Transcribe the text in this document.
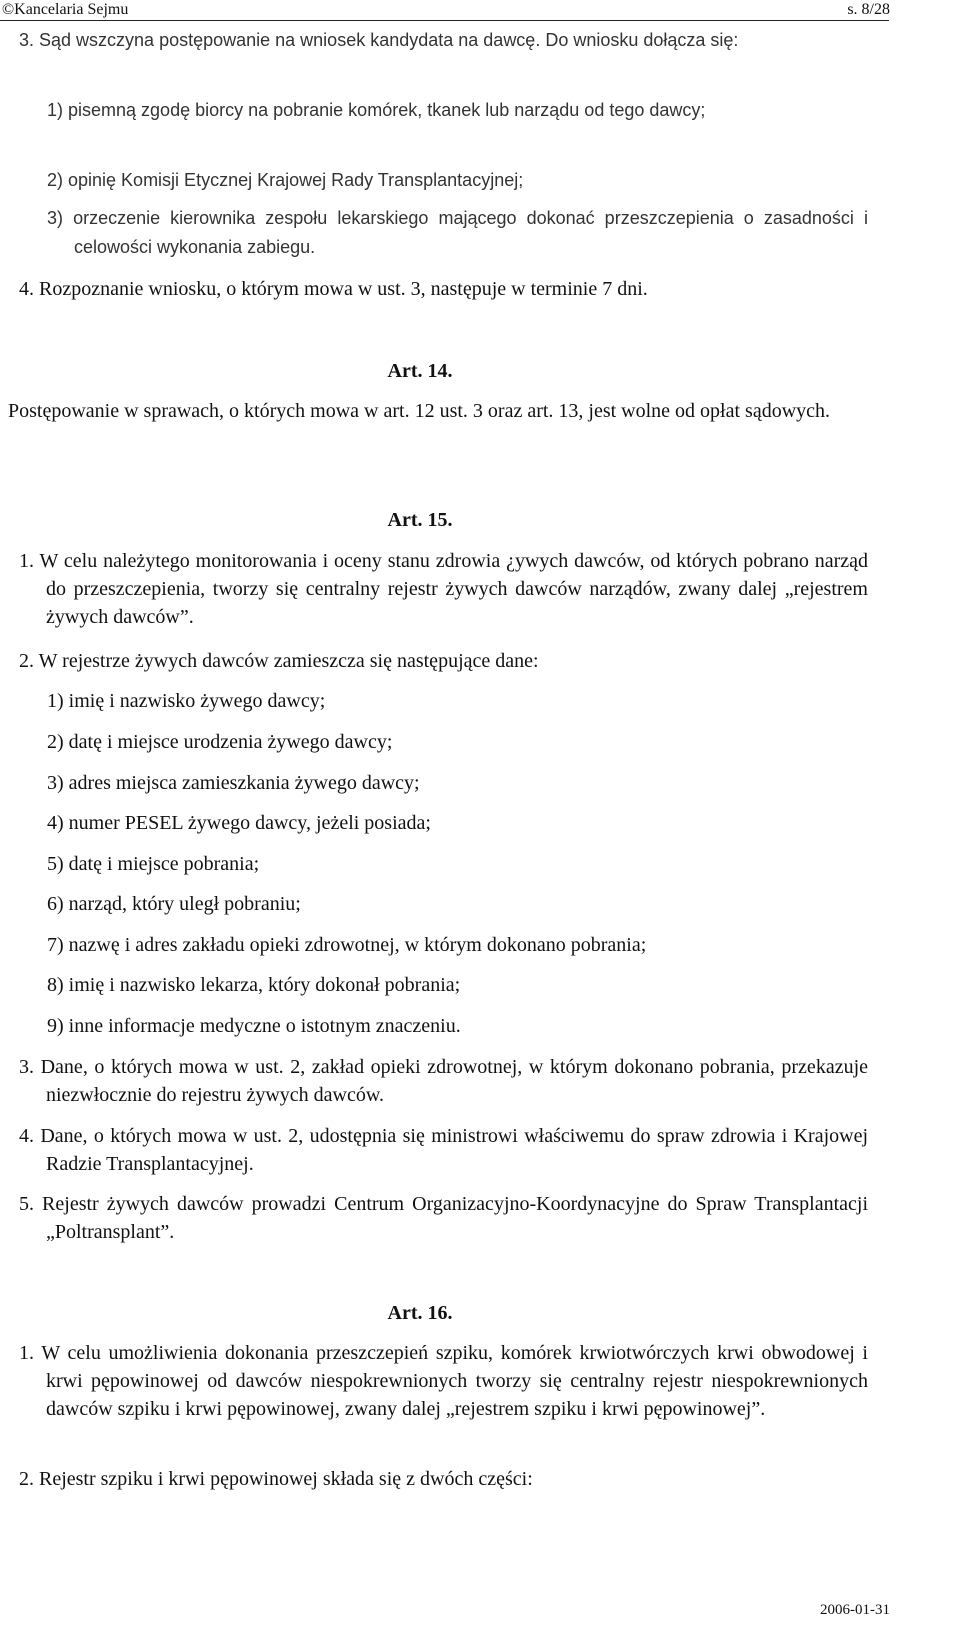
©Kancelaria Sejmu	s. 8/28

3. Sąd wszczyna postępowanie na wniosek kandydata na dawcę. Do wniosku dołącza się:

1) pisemną zgodę biorcy na pobranie komórek, tkanek lub narządu od tego dawcy;

2) opinię Komisji Etycznej Krajowej Rady Transplantacyjnej;

3) orzeczenie kierownika zespołu lekarskiego mającego dokonać przeszczepienia o zasadności i celowości wykonania zabiegu.

4. Rozpoznanie wniosku, o którym mowa w ust. 3, następuje w terminie 7 dni.

Art. 14.

Postępowanie w sprawach, o których mowa w art. 12 ust. 3 oraz art. 13, jest wolne od opłat sądowych.

Art. 15.

1. W celu należytego monitorowania i oceny stanu zdrowia ¿ywych dawców, od których pobrano narząd do przeszczepienia, tworzy się centralny rejestr żywych dawców narządów, zwany dalej „rejestrem żywych dawców”.

2. W rejestrze żywych dawców zamieszcza się następujące dane:

1) imię i nazwisko żywego dawcy;

2) datę i miejsce urodzenia żywego dawcy;

3) adres miejsca zamieszkania żywego dawcy;

4) numer PESEL żywego dawcy, jeżeli posiada;

5) datę i miejsce pobrania;

6) narząd, który uległ pobraniu;

7) nazwę i adres zakładu opieki zdrowotnej, w którym dokonano pobrania;

8) imię i nazwisko lekarza, który dokonał pobrania;

9) inne informacje medyczne o istotnym znaczeniu.

3. Dane, o których mowa w ust. 2, zakład opieki zdrowotnej, w którym dokonano pobrania, przekazuje niezwłocznie do rejestru żywych dawców.

4. Dane, o których mowa w ust. 2, udostępnia się ministrowi właściwemu do spraw zdrowia i Krajowej Radzie Transplantacyjnej.

5. Rejestr żywych dawców prowadzi Centrum Organizacyjno-Koordynacyjne do Spraw Transplantacji „Poltransplant”.

Art. 16.

1. W celu umożliwienia dokonania przeszczepień szpiku, komórek krwiotwórczych krwi obwodowej i krwi pępowinowej od dawców niespokrewnionych tworzy się centralny rejestr niespokrewnionych dawców szpiku i krwi pępowinowej, zwany dalej „rejestrem szpiku i krwi pępowinowej”.

2. Rejestr szpiku i krwi pępowinowej składa się z dwóch części:

2006-01-31
